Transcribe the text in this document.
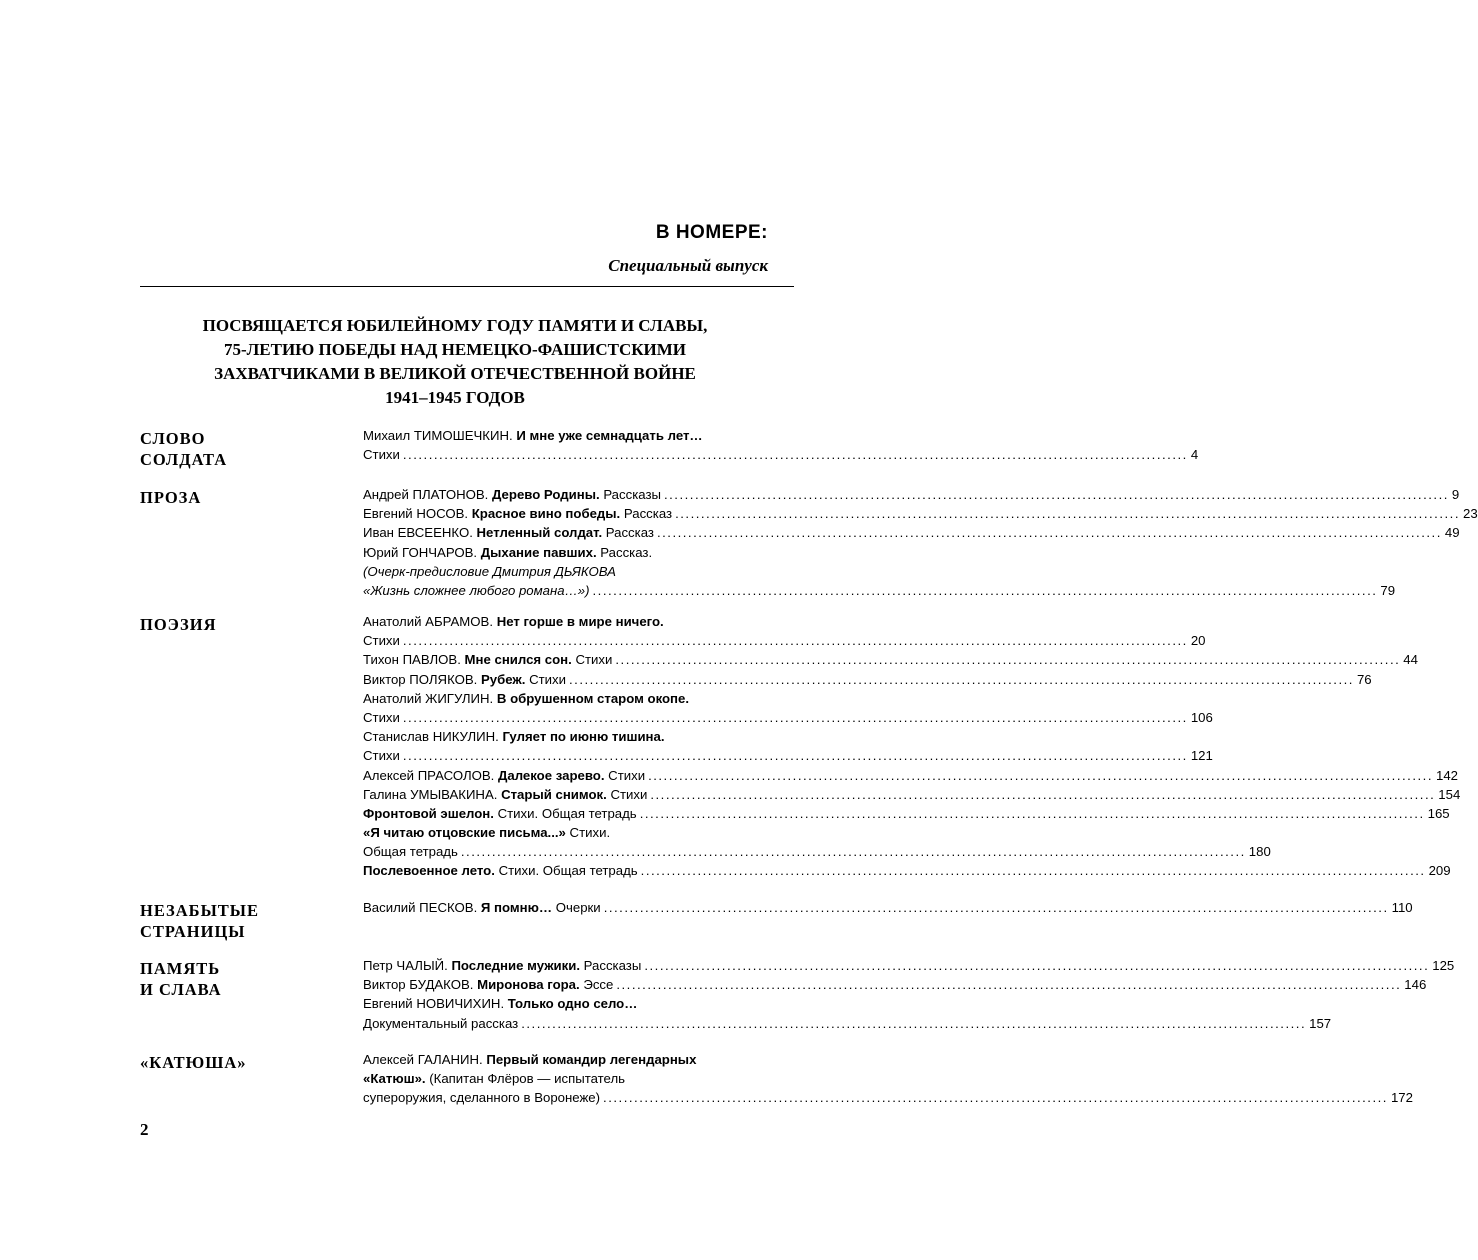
В НОМЕРЕ:
Специальный выпуск
ПОСВЯЩАЕТСЯ ЮБИЛЕЙНОМУ ГОДУ ПАМЯТИ И СЛАВЫ,
75-ЛЕТИЮ ПОБЕДЫ НАД НЕМЕЦКО-ФАШИСТСКИМИ
ЗАХВАТЧИКАМИ В ВЕЛИКОЙ ОТЕЧЕСТВЕННОЙ ВОЙНЕ
1941–1945 ГОДОВ
СЛОВО
СОЛДАТА
Михаил ТИМОШЕЧКИН. И мне уже семнадцать лет…
Стихи .....	4
ПРОЗА	Андрей ПЛАТОНОВ. Дерево Родины. Рассказы .....	9
Евгений НОСОВ. Красное вино победы. Рассказ .....	23
Иван ЕВСЕЕНКО. Нетленный солдат. Рассказ .....	49
Юрий ГОНЧАРОВ. Дыхание павших. Рассказ.
(Очерк-предисловие Дмитрия ДЬЯКОВА
«Жизнь сложнее любого романа…») .....	79
ПОЭЗИЯ	Анатолий АБРАМОВ. Нет горше в мире ничего.
Стихи .....	20
Тихон ПАВЛОВ. Мне снился сон. Стихи .....	44
Виктор ПОЛЯКОВ. Рубеж. Стихи .....	76
Анатолий ЖИГУЛИН. В обрушенном старом окопе.
Стихи .....	106
Станислав НИКУЛИН. Гуляет по июню тишина.
Стихи .....	121
Алексей ПРАСОЛОВ. Далекое зарево. Стихи .....	142
Галина УМЫВАКИНА. Старый снимок. Стихи .....	154
Фронтовой эшелон. Стихи. Общая тетрадь .....	165
«Я читаю отцовские письма...» Стихи.
Общая тетрадь .....	180
Послевоенное лето. Стихи. Общая тетрадь .....	209
НЕЗАБЫТЫЕ
СТРАНИЦЫ
Василий ПЕСКОВ. Я помню… Очерки .....	110
ПАМЯТЬ
И СЛАВА
Петр ЧАЛЫЙ. Последние мужики. Рассказы .....	125
Виктор БУДАКОВ. Миронова гора. Эссе .....	146
Евгений НОВИЧИХИН. Только одно село…
Документальный рассказ .....	157
«КАТЮША»	Алексей ГАЛАНИН. Первый командир легендарных
«Катюш». (Капитан Флёров — испытатель
супероружия, сделанного в Воронеже) .....	172
2
